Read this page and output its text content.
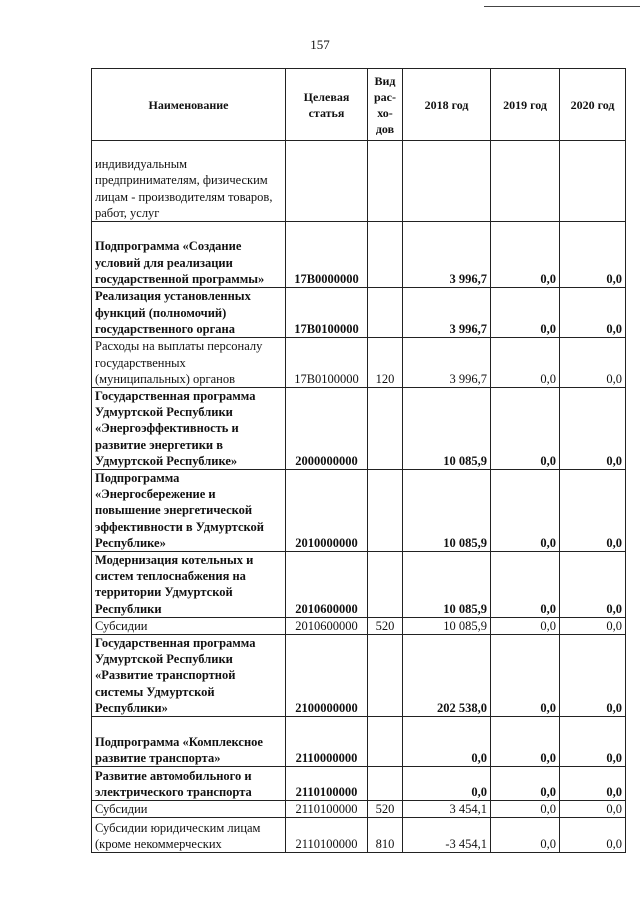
157
Наименование	Целевая статья	Вид
рас-
хо-
дов	2018 год	2019 год	2020 год
индивидуальным предпринимателям, физическим лицам - производителям товаров, работ, услуг					
Подпрограмма «Создание условий для реализации государственной программы»	17В0000000		3 996,7	0,0	0,0
Реализация установленных функций (полномочий) государственного органа	17В0100000		3 996,7	0,0	0,0
Расходы на выплаты персоналу государственных (муниципальных) органов	17В0100000	120	3 996,7	0,0	0,0
Государственная программа Удмуртской Республики «Энергоэффективность и развитие энергетики в Удмуртской Республике»	2000000000		10 085,9	0,0	0,0
Подпрограмма «Энергосбережение и повышение энергетической эффективности в Удмуртской Республике»	2010000000		10 085,9	0,0	0,0
Модернизация котельных и систем теплоснабжения на территории Удмуртской Республики	2010600000		10 085,9	0,0	0,0
Субсидии	2010600000	520	10 085,9	0,0	0,0
Государственная программа Удмуртской Республики «Развитие транспортной системы Удмуртской Республики»	2100000000		202 538,0	0,0	0,0
Подпрограмма «Комплексное развитие транспорта»	2110000000		0,0	0,0	0,0
Развитие автомобильного и электрического транспорта	2110100000		0,0	0,0	0,0
Субсидии	2110100000	520	3 454,1	0,0	0,0
Субсидии юридическим лицам (кроме некоммерческих	2110100000	810	-3 454,1	0,0	0,0
